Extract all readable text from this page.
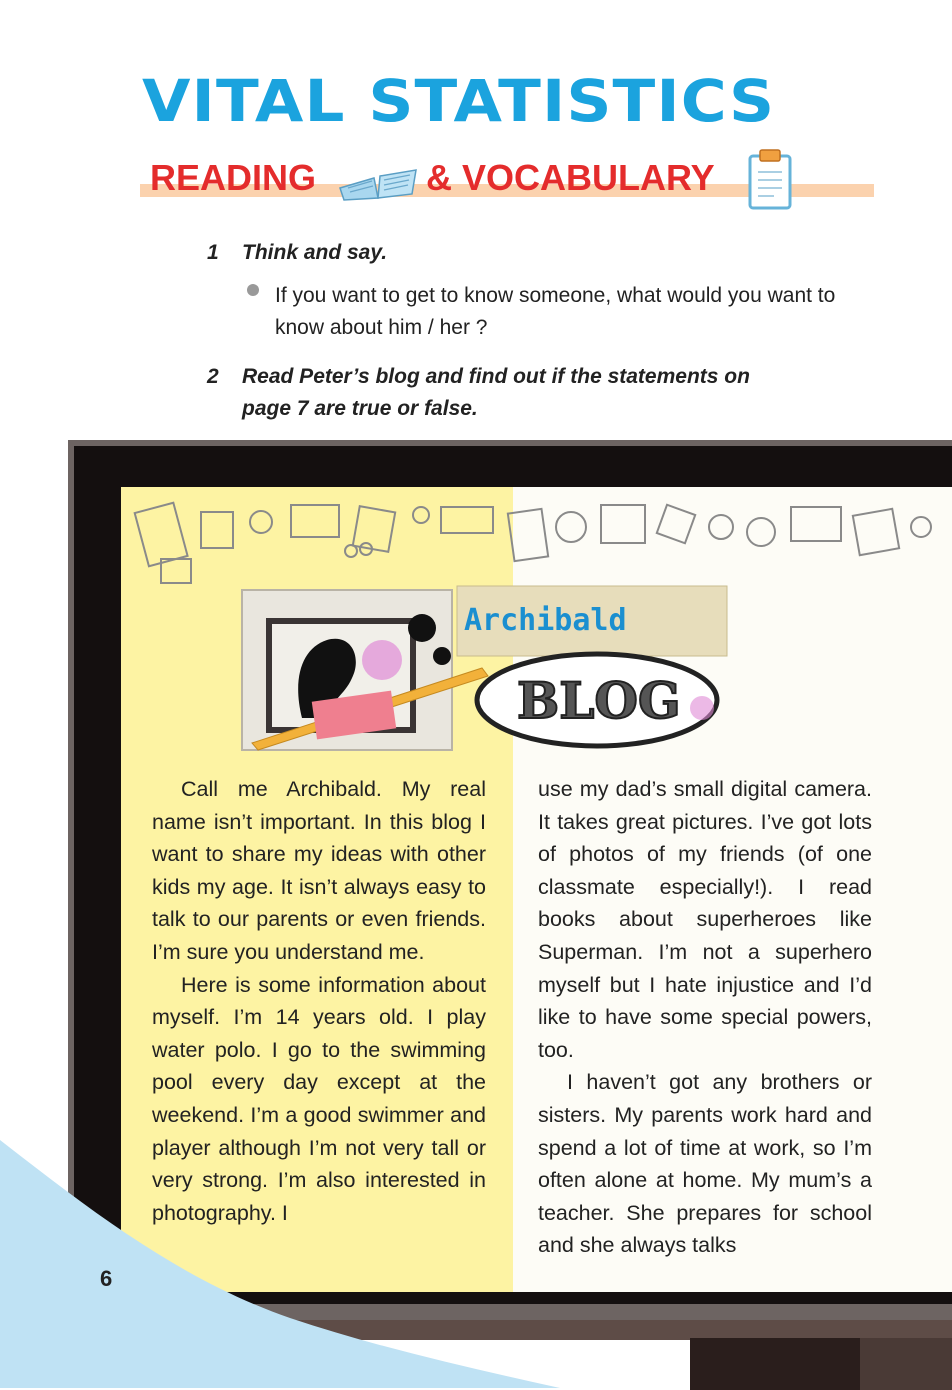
VITAL STATISTICS
READING	& VOCABULARY
1 Think and say.
If you want to get to know someone, what would you want to know about him / her ?
2 Read Peter’s blog and find out if the statements on page 7 are true or false.
Archibald
BLOG

Call me Archibald. My real name isn’t important. In this blog I want to share my ideas with other kids my age. It isn’t always easy to talk to our parents or even friends. I’m sure you understand me.

Here is some information about myself. I’m 14 years old. I play water polo. I go to the swimming pool every day except at the weekend. I’m a good swimmer and player although I’m not very tall or very strong. I’m also interested in photography. I

use my dad’s small digital camera. It takes great pictures. I’ve got lots of photos of my friends (of one classmate especially!). I read books about superheroes like Superman. I’m not a superhero myself but I hate injustice and I’d like to have some special powers, too.

I haven’t got any brothers or sisters. My parents work hard and spend a lot of time at work, so I’m often alone at home. My mum’s a teacher. She prepares for school and she always talks

6
